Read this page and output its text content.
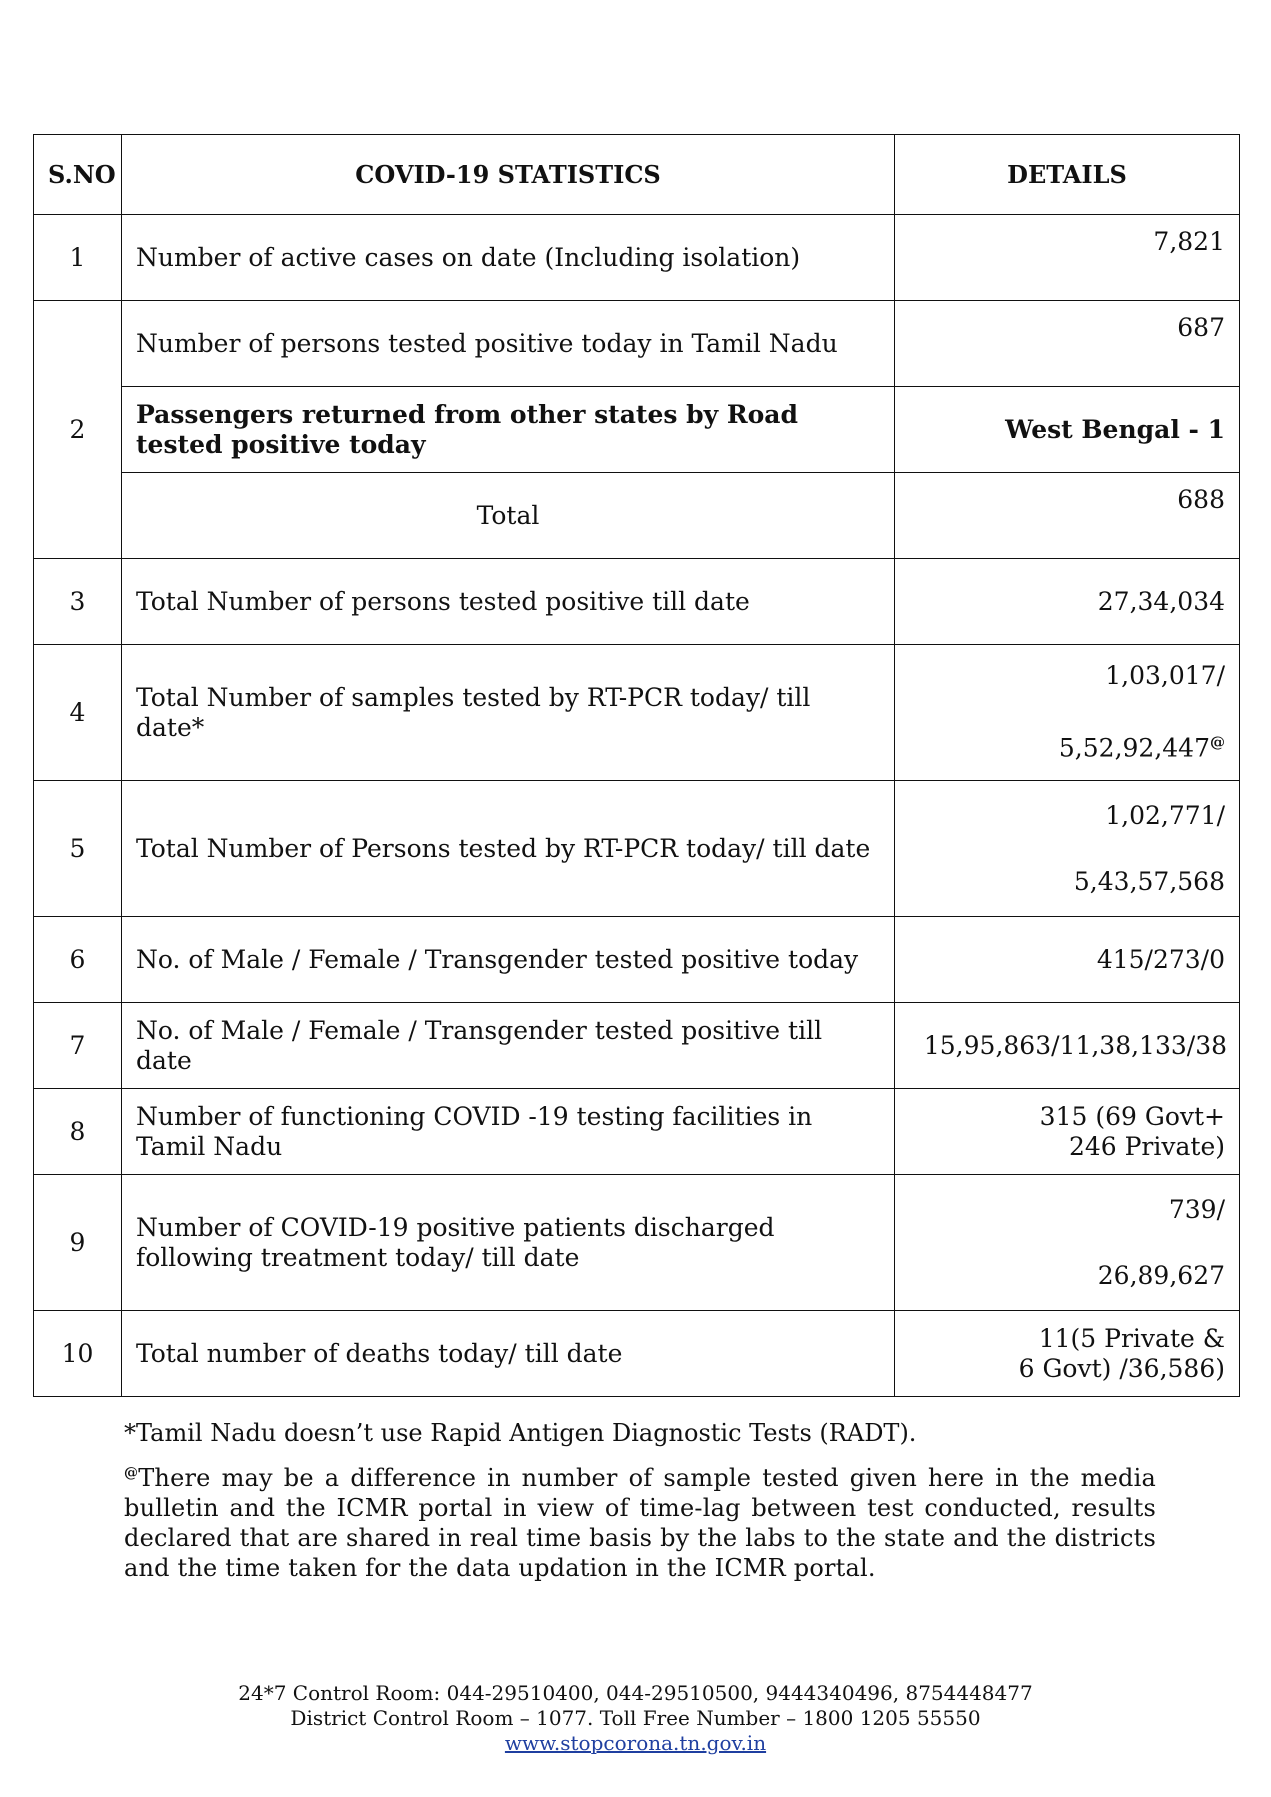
S.NO	COVID-19 STATISTICS	DETAILS
1	Number of active cases on date (Including isolation)	7,821
2	Number of persons tested positive today in Tamil Nadu	687
	Passengers returned from other states by Road tested positive today	West Bengal - 1
	Total	688
3	Total Number of persons tested positive till date	27,34,034
4	Total Number of samples tested by RT-PCR today/ till date*	1,03,017/
5,52,92,447@
5	Total Number of Persons tested by RT-PCR today/ till date	1,02,771/
5,43,57,568
6	No. of Male / Female / Transgender tested positive today	415/273/0
7	No. of Male / Female / Transgender tested positive till date	15,95,863/11,38,133/38
8	Number of functioning COVID -19 testing facilities in Tamil Nadu	315 (69 Govt+
246 Private)
9	Number of COVID-19 positive patients discharged following treatment today/ till date	739/
26,89,627
10	Total number of deaths today/ till date	11(5 Private &
6 Govt) /36,586)

*Tamil Nadu doesn’t use Rapid Antigen Diagnostic Tests (RADT).

@There may be a difference in number of sample tested given here in the media bulletin and the ICMR portal in view of time-lag between test conducted, results declared that are shared in real time basis by the labs to the state and the districts and the time taken for the data updation in the ICMR portal.

24*7 Control Room: 044-29510400, 044-29510500, 9444340496, 8754448477
District Control Room – 1077. Toll Free Number – 1800 1205 55550
www.stopcorona.tn.gov.in
